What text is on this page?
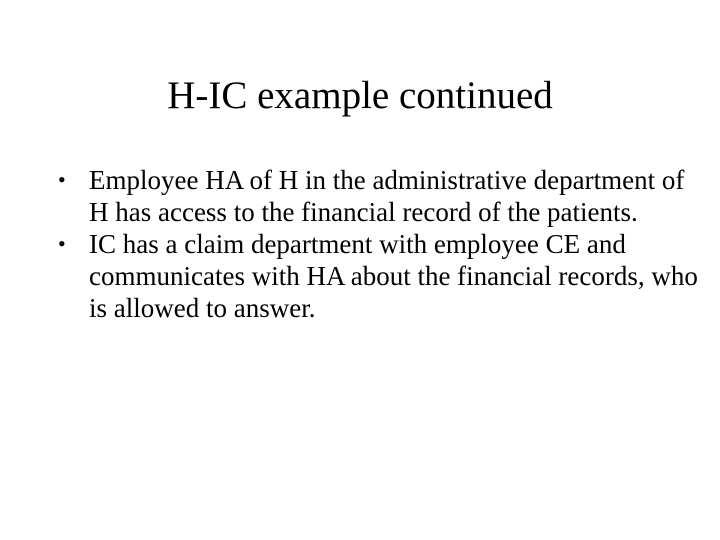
H-IC example continued
• Employee HA of H in the administrative department of H has access to the financial record of the patients.
• IC has a claim department with employee CE and communicates with HA about the financial records, who is allowed to answer.
